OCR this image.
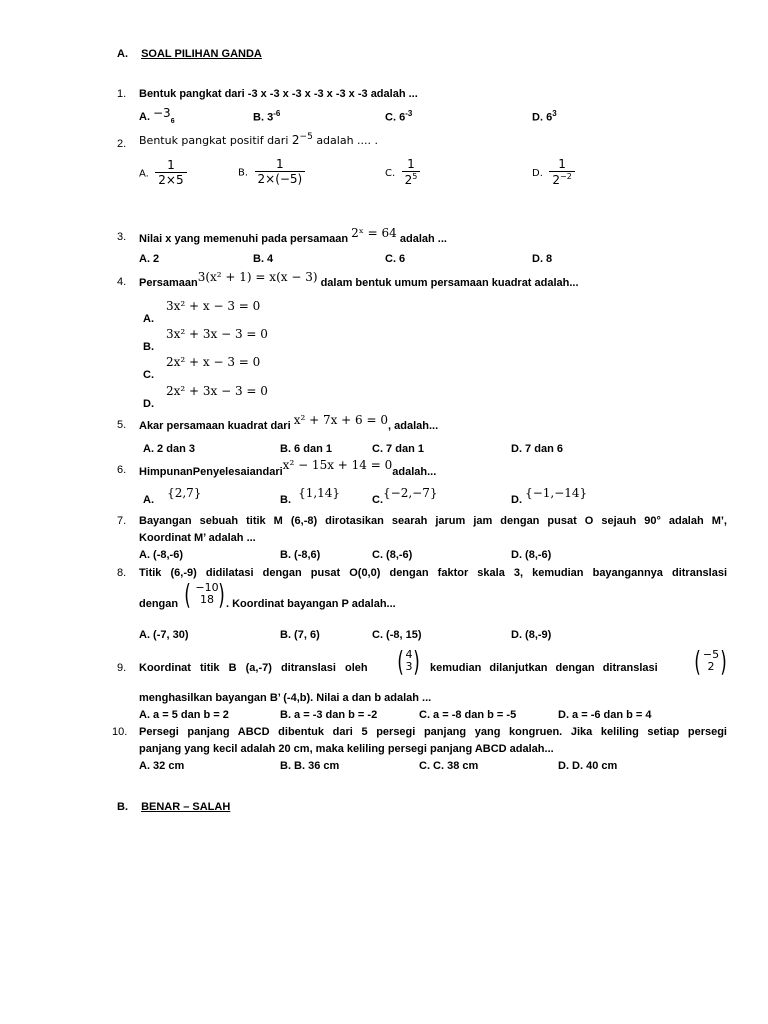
A. SOAL PILIHAN GANDA
1. Bentuk pangkat dari -3 x -3 x -3 x -3 x -3 x -3 adalah ...
A. $-3_6$	B. $3^{-6}$	C. $6^{-3}$	D. $6^3$
2. Bentuk pangkat positif dari $2^{-5}$ adalah .... .
A. $\frac{1}{2\times 5}$	B. $\frac{1}{2\times(-5)}$	C. $\frac{1}{2^5}$	D. $\frac{1}{2^{-2}}$
3. Nilai x yang memenuhi pada persamaan 2ˣ = 64 adalah ...
A. 2	B. 4	C. 6	D. 8
4. Persamaan3(x² + 1) = x(x − 3) dalam bentuk umum persamaan kuadrat adalah...
3x² + x − 3 = 0
A.
3x² + 3x − 3 = 0
B.
2x² + x − 3 = 0
C.
2x² + 3x − 3 = 0
D.
5. Akar persamaan kuadrat dari x² + 7x + 6 = 0, adalah...
A. 2 dan 3	B. 6 dan 1	C. 7 dan 1	D. 7 dan 6
6. HimpunanPenyelesaiandarix² − 15x + 14 = 0adalah...
A. {2,7}	B. {1,14}	C.{−2,−7}	D. {−1,−14}
7. Bayangan sebuah titik M (6,-8) dirotasikan searah jarum jam dengan pusat O sejauh 90° adalah M’,
Koordinat M’ adalah ...
A. (-8,-6)	B. (-8,6)	C. (8,-6)	D. (8,-6)
8. Titik (6,-9) didilatasi dengan pusat O(0,0) dengan faktor skala 3, kemudian bayangannya ditranslasi
dengan ( −10
18 ) . Koordinat bayangan P adalah...
A. (-7, 30)	B. (7, 6)	C. (-8, 15)	D. (8,-9)
9. Koordinat titik B (a,-7) ditranslasi oleh ( 4
3 ) kemudian dilanjutkan dengan ditranslasi ( −5
2 )
menghasilkan bayangan B’ (-4,b). Nilai a dan b adalah ...
A. a = 5 dan b = 2	B. a = -3 dan b = -2	C. a = -8 dan b = -5	D. a = -6 dan b = 4
10. Persegi panjang ABCD dibentuk dari 5 persegi panjang yang kongruen. Jika keliling setiap persegi
panjang yang kecil adalah 20 cm, maka keliling persegi panjang ABCD adalah...
A. 32 cm	B. B. 36 cm	C. C. 38 cm	D. D. 40 cm
B. BENAR – SALAH
